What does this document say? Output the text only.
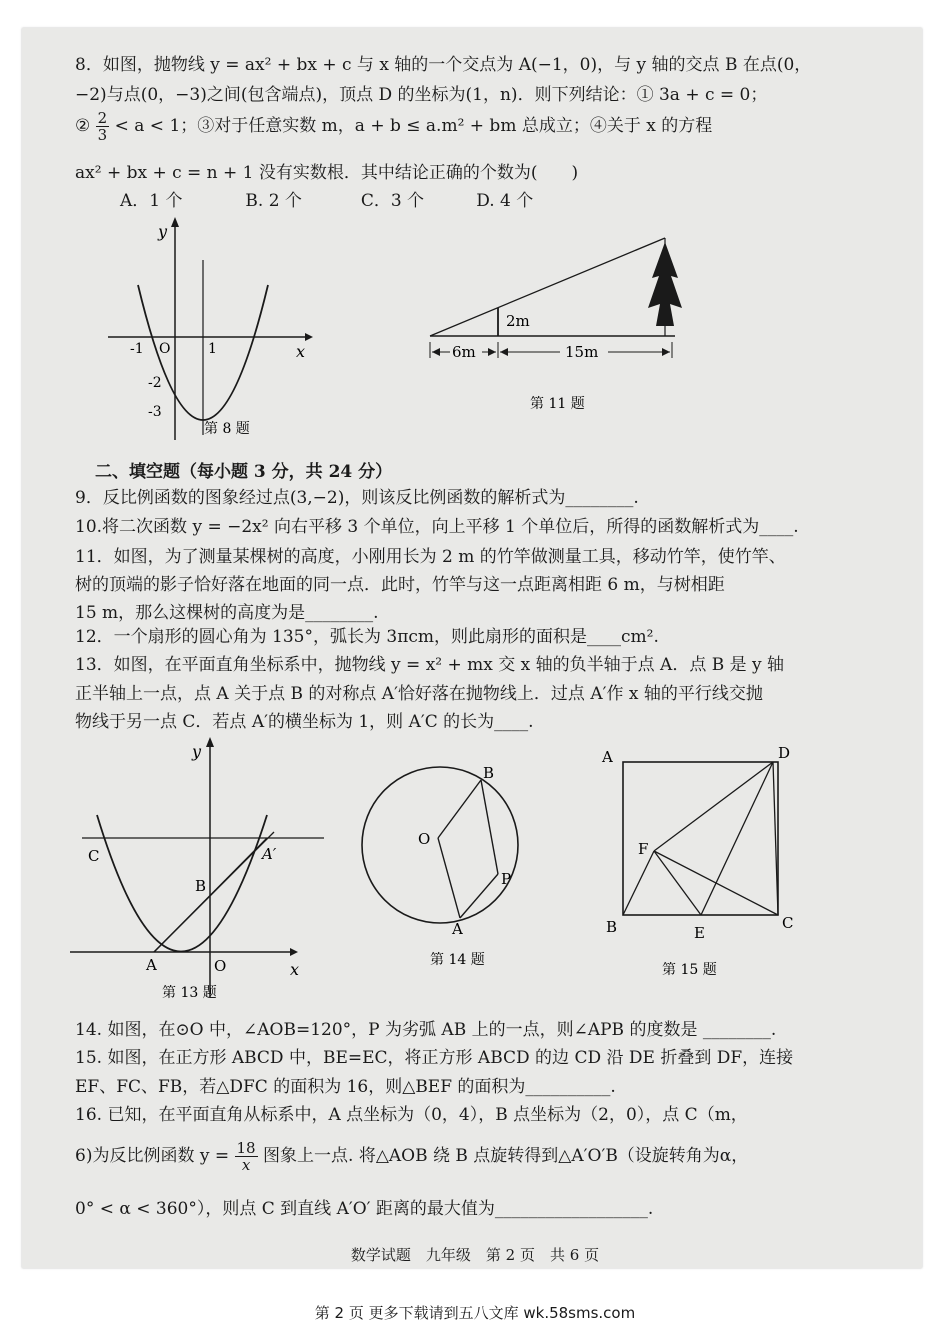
8．如图，抛物线 y = ax² + bx + c 与 x 轴的一个交点为 A(−1，0)，与 y 轴的交点 B 在点(0，
−2)与点(0，−3)之间(包含端点)，顶点 D 的坐标为(1，n)．则下列结论：① 3a + c = 0；
② $\frac{2}{3} < a < 1$；③对于任意实数 m，a + b ≤ a.m² + bm 总成立；④关于 x 的方程
ax² + bx + c = n + 1 没有实数根．其中结论正确的个数为(　　)
A．1 个	B. 2 个	C．3 个	D. 4 个
y
x
-1 O	1
-2
-3
第 8 题
2m
6m	15m
第 11 题
二、填空题（每小题 3 分，共 24 分）
9．反比例函数的图象经过点(3,−2)，则该反比例函数的解析式为________.
10.将二次函数 y = −2x² 向右平移 3 个单位，向上平移 1 个单位后，所得的函数解析式为____.
11．如图，为了测量某棵树的高度，小刚用长为 2 m 的竹竿做测量工具，移动竹竿，使竹竿、
树的顶端的影子恰好落在地面的同一点．此时，竹竿与这一点距离相距 6 m，与树相距
15 m，那么这棵树的高度为是________.
12．一个扇形的圆心角为 135°，弧长为 3πcm，则此扇形的面积是____cm².
13．如图，在平面直角坐标系中，抛物线 y = x² + mx 交 x 轴的负半轴于点 A．点 B 是 y 轴
正半轴上一点，点 A 关于点 B 的对称点 A′恰好落在抛物线上．过点 A′作 x 轴的平行线交抛
物线于另一点 C．若点 A′的横坐标为 1，则 A′C 的长为____.
y
x
C	A′
B
A	O
第 13 题
B
O
P
A
第 14 题
A	D
F
B	E
C
第 15 题
14. 如图，在⊙O 中，∠AOB=120°，P 为劣弧 AB 上的一点，则∠APB 的度数是 ________.
15. 如图，在正方形 ABCD 中，BE=EC，将正方形 ABCD 的边 CD 沿 DE 折叠到 DF，连接
EF、FC、FB，若△DFC 的面积为 16，则△BEF 的面积为__________.
16. 已知，在平面直角从标系中，A 点坐标为（0，4），B 点坐标为（2，0），点 C（m，
6)为反比例函数 $y = \frac{18}{x}$ 图象上一点. 将△AOB 绕 B 点旋转得到△A′O′B（设旋转角为α，
0° < α < 360°），则点 C 到直线 A′O′ 距离的最大值为__________________.
数学试题　九年级　第 2 页　共 6 页
第 2 页 更多下载请到五八文库 wk.58sms.com
